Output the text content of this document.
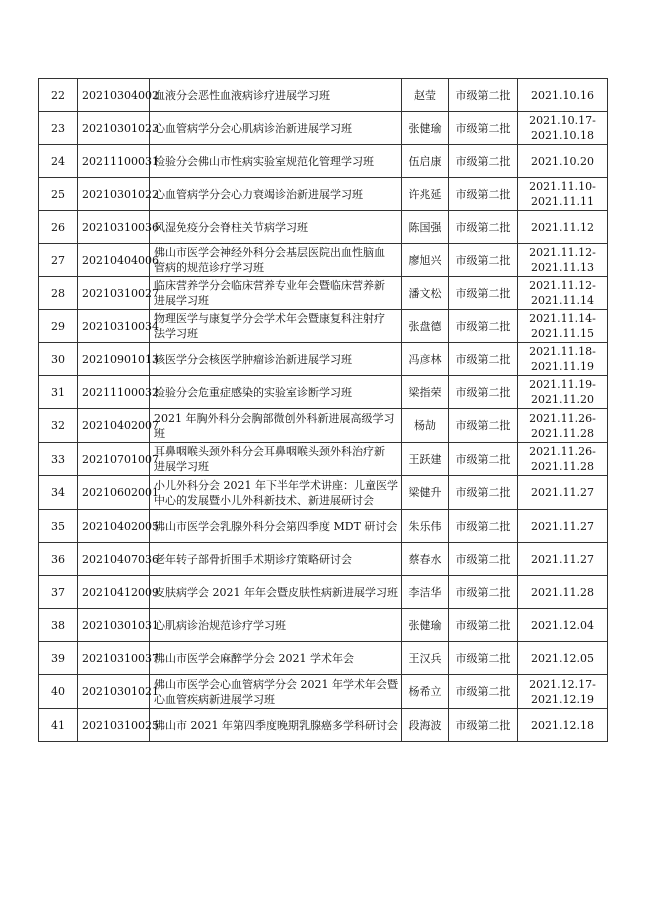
22	20210304002	血液分会恶性血液病诊疗进展学习班	赵莹	市级第二批	2021.10.16

23	20210301023	心血管病学分会心肌病诊治新进展学习班	张健瑜	市级第二批	2021.10.17-
2021.10.18

24	20211100031	检验分会佛山市性病实验室规范化管理学习班	伍启康	市级第二批	2021.10.20

25	20210301022	心血管病学分会心力衰竭诊治新进展学习班	许兆延	市级第二批	2021.11.10-
2021.11.11

26	20210310036	风湿免疫分会脊柱关节病学习班	陈国强	市级第二批	2021.11.12

27	20210404006	佛山市医学会神经外科分会基层医院出血性脑血
管病的规范诊疗学习班	廖旭兴	市级第二批	2021.11.12-
2021.11.13

28	20210310027	临床营养学分会临床营养专业年会暨临床营养新
进展学习班	潘文松	市级第二批	2021.11.12-
2021.11.14

29	20210310034	物理医学与康复学分会学术年会暨康复科注射疗
法学习班	张盘德	市级第二批	2021.11.14-
2021.11.15

30	20210901013	核医学分会核医学肿瘤诊治新进展学习班	冯彦林	市级第二批	2021.11.18-
2021.11.19

31	20211100032	检验分会危重症感染的实验室诊断学习班	梁指荣	市级第二批	2021.11.19-
2021.11.20

32	20210402007	2021 年胸外科分会胸部微创外科新进展高级学习
班	杨劼	市级第二批	2021.11.26-
2021.11.28

33	20210701007	耳鼻咽喉头颈外科分会耳鼻咽喉头颈外科治疗新
进展学习班	王跃建	市级第二批	2021.11.26-
2021.11.28

34	20210602001	小儿外科分会 2021 年下半年学术讲座：儿童医学
中心的发展暨小儿外科新技术、新进展研讨会	梁健升	市级第二批	2021.11.27

35	20210402005	佛山市医学会乳腺外科分会第四季度 MDT 研讨会	朱乐伟	市级第二批	2021.11.27

36	20210407036	老年转子部骨折围手术期诊疗策略研讨会	蔡春水	市级第二批	2021.11.27

37	20210412009	皮肤病学会 2021 年年会暨皮肤性病新进展学习班	李洁华	市级第二批	2021.11.28

38	20210301031	心肌病诊治规范诊疗学习班	张健瑜	市级第二批	2021.12.04

39	20210310037	佛山市医学会麻醉学分会 2021 学术年会	王汉兵	市级第二批	2021.12.05

40	20210301021	佛山市医学会心血管病学分会 2021 年学术年会暨
心血管疾病新进展学习班	杨希立	市级第二批	2021.12.17-
2021.12.19

41	20210310025	佛山市 2021 年第四季度晚期乳腺癌多学科研讨会	段海波	市级第二批	2021.12.18
